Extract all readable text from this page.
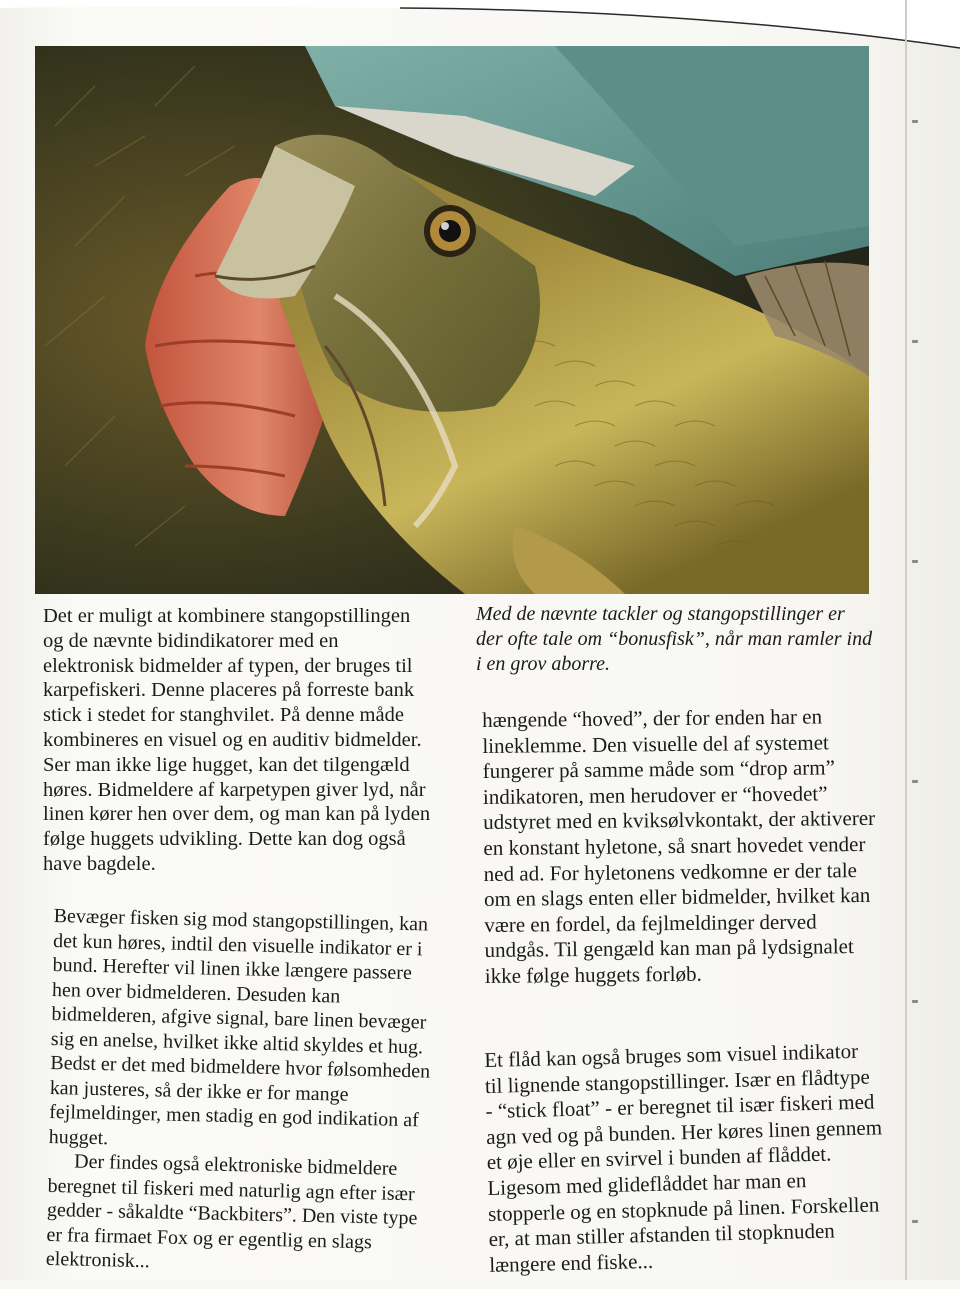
Det er muligt at kombinere stangopstillingen og de nævnte bidindikatorer med en elektronisk bidmelder af typen, der bruges til karpefiskeri. Denne placeres på forreste bank stick i stedet for stanghvilet. På denne måde kombineres en visuel og en auditiv bidmelder. Ser man ikke lige hugget, kan det tilgengæld høres. Bidmeldere af karpetypen giver lyd, når linen kører hen over dem, og man kan på lyden følge huggets udvikling. Dette kan dog også have bagdele.

Bevæger fisken sig mod stangopstillingen, kan det kun høres, indtil den visuelle indikator er i bund. Herefter vil linen ikke længere passere hen over bidmelderen. Desuden kan bidmelderen, afgive signal, bare linen bevæger sig en anelse, hvilket ikke altid skyldes et hug. Bedst er det med bidmeldere hvor følsomheden kan justeres, så der ikke er for mange fejlmeldinger, men stadig en god indikation af hugget.

Der findes også elektroniske bidmeldere beregnet til fiskeri med naturlig agn efter især gedder - såkaldte “Backbiters”. Den viste type er fra firmaet Fox og er egentlig en slags elektronisk...

Med de nævnte tackler og stangopstillinger er der ofte tale om “bonusfisk”, når man ramler ind i en grov aborre.

hængende “hoved”, der for enden har en lineklemme. Den visuelle del af systemet fungerer på samme måde som “drop arm” indikatoren, men herudover er “hovedet” udstyret med en kviksølvkontakt, der aktiverer en konstant hyletone, så snart hovedet vender ned ad. For hyletonens vedkomne er der tale om en slags enten eller bidmelder, hvilket kan være en fordel, da fejlmeldinger derved undgås. Til gengæld kan man på lydsignalet ikke følge huggets forløb.

Et flåd kan også bruges som visuel indikator til lignende stangopstillinger. Især en flådtype - “stick float” - er beregnet til især fiskeri med agn ved og på bunden. Her køres linen gennem et øje eller en svirvel i bunden af flåddet. Ligesom med glideflåddet har man en stopperle og en stopknude på linen. Forskellen er, at man stiller afstanden til stopknuden længere end fiske...
